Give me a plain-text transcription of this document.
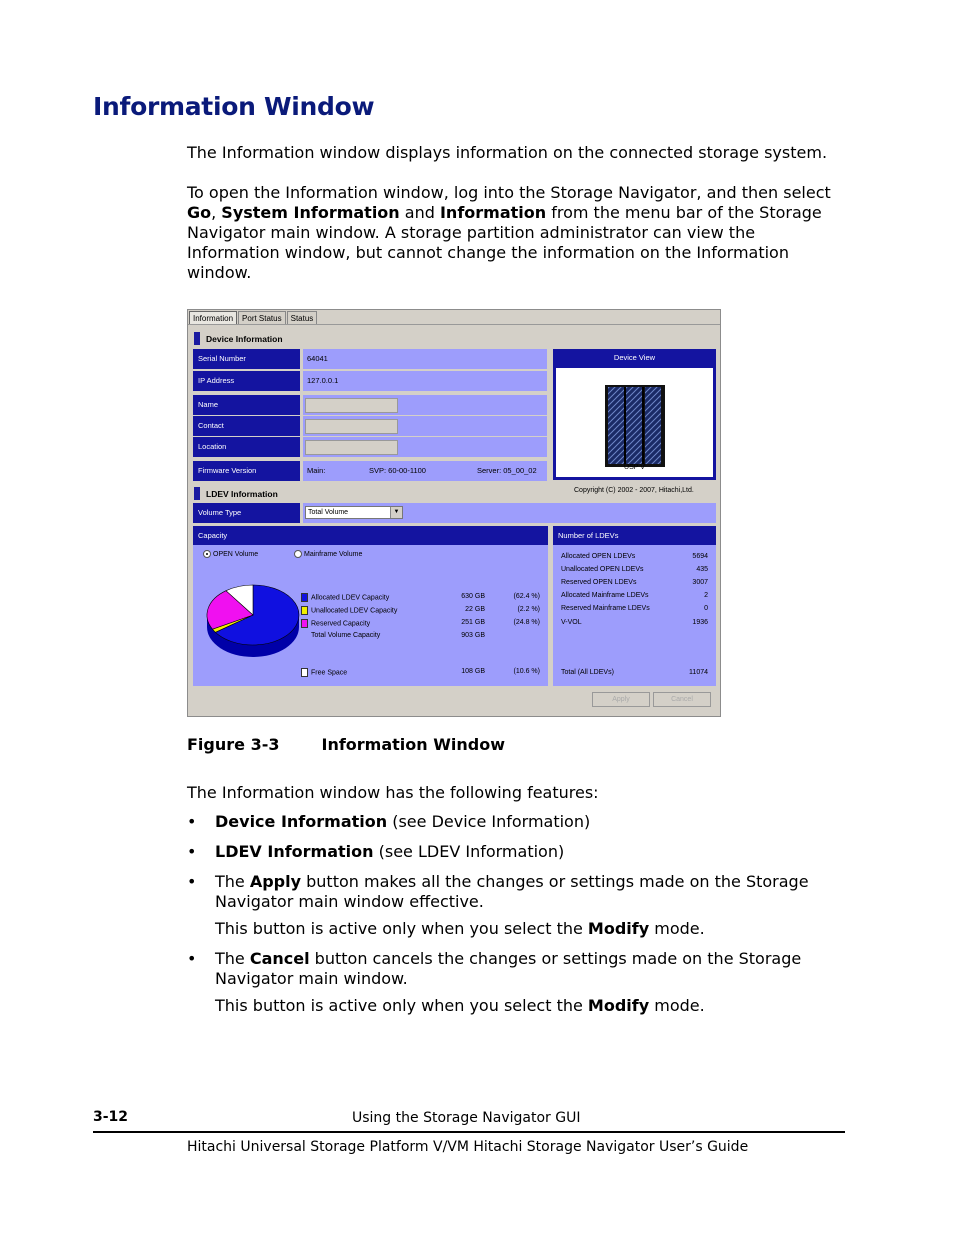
Information Window
The Information window displays information on the connected storage system.
To open the Information window, log into the Storage Navigator, and then select Go, System Information and Information from the menu bar of the Storage Navigator main window. A storage partition administrator can view the Information window, but cannot change the information on the Information window.
Information	Port Status	Status
Device Information
Serial Number	64041
IP Address	127.0.0.1
Name
Contact
Location
Firmware Version	Main:	SVP: 60-00-1100	Server: 05_00_02
Device View
USP V
Copyright (C) 2002 - 2007, Hitachi,Ltd.
LDEV Information
Volume Type	Total Volume	▼
Capacity
OPEN Volume	Mainframe Volume
Allocated LDEV Capacity	630 GB	(62.4 %)
Unallocated LDEV Capacity	22 GB	(2.2 %)
Reserved Capacity	251 GB	(24.8 %)
Total Volume Capacity	903 GB
Free Space	108 GB	(10.6 %)
Number of LDEVs
Allocated OPEN LDEVs	5694
Unallocated OPEN LDEVs	435
Reserved OPEN LDEVs	3007
Allocated Mainframe LDEVs	2
Reserved Mainframe LDEVs	0
V-VOL	1936
Total (All LDEVs)	11074
Apply	Cancel
Figure 3-3	Information Window
The Information window has the following features:
• Device Information (see Device Information)
• LDEV Information (see LDEV Information)
• The Apply button makes all the changes or settings made on the Storage Navigator main window effective.
This button is active only when you select the Modify mode.
• The Cancel button cancels the changes or settings made on the Storage Navigator main window.
This button is active only when you select the Modify mode.
3-12	Using the Storage Navigator GUI
Hitachi Universal Storage Platform V/VM Hitachi Storage Navigator User’s Guide
